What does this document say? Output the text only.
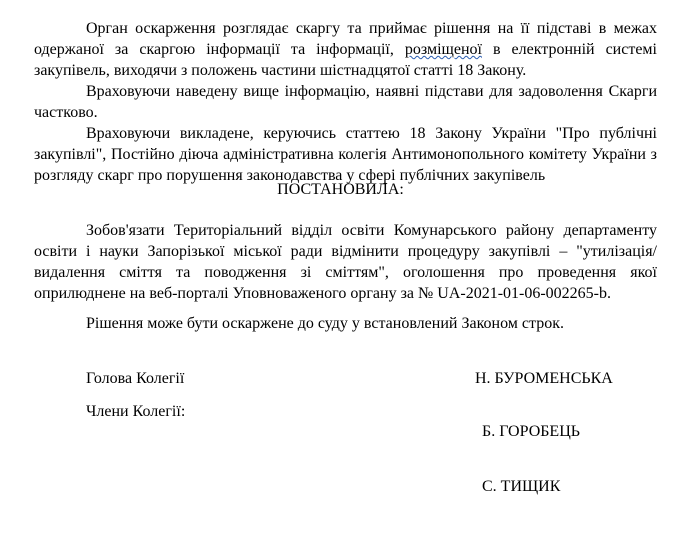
Орган оскарження розглядає скаргу та приймає рішення на її підставі в межах одержаної за скаргою інформації та інформації, розміщеної в електронній системі закупівель, виходячи з положень частини шістнадцятої статті 18 Закону.

Враховуючи наведену вище інформацію, наявні підстави для задоволення Скарги частково.

Враховуючи викладене, керуючись статтею 18 Закону України "Про публічні закупівлі", Постійно діюча адміністративна колегія Антимонопольного комітету України з розгляду скарг про порушення законодавства у сфері публічних закупівель

ПОСТАНОВИЛА:

Зобов'язати Територіальний відділ освіти Комунарського району департаменту освіти і науки Запорізької міської ради відмінити процедуру закупівлі – "утилізація/видалення сміття та поводження зі сміттям", оголошення про проведення якої оприлюднене на веб-порталі Уповноваженого органу за № UA-2021-01-06-002265-b.

Рішення може бути оскаржене до суду у встановлений Законом строк.

Голова Колегії	Н. БУРОМЕНСЬКА

Члени Колегії:

Б. ГОРОБЕЦЬ

С. ТИЩИК
